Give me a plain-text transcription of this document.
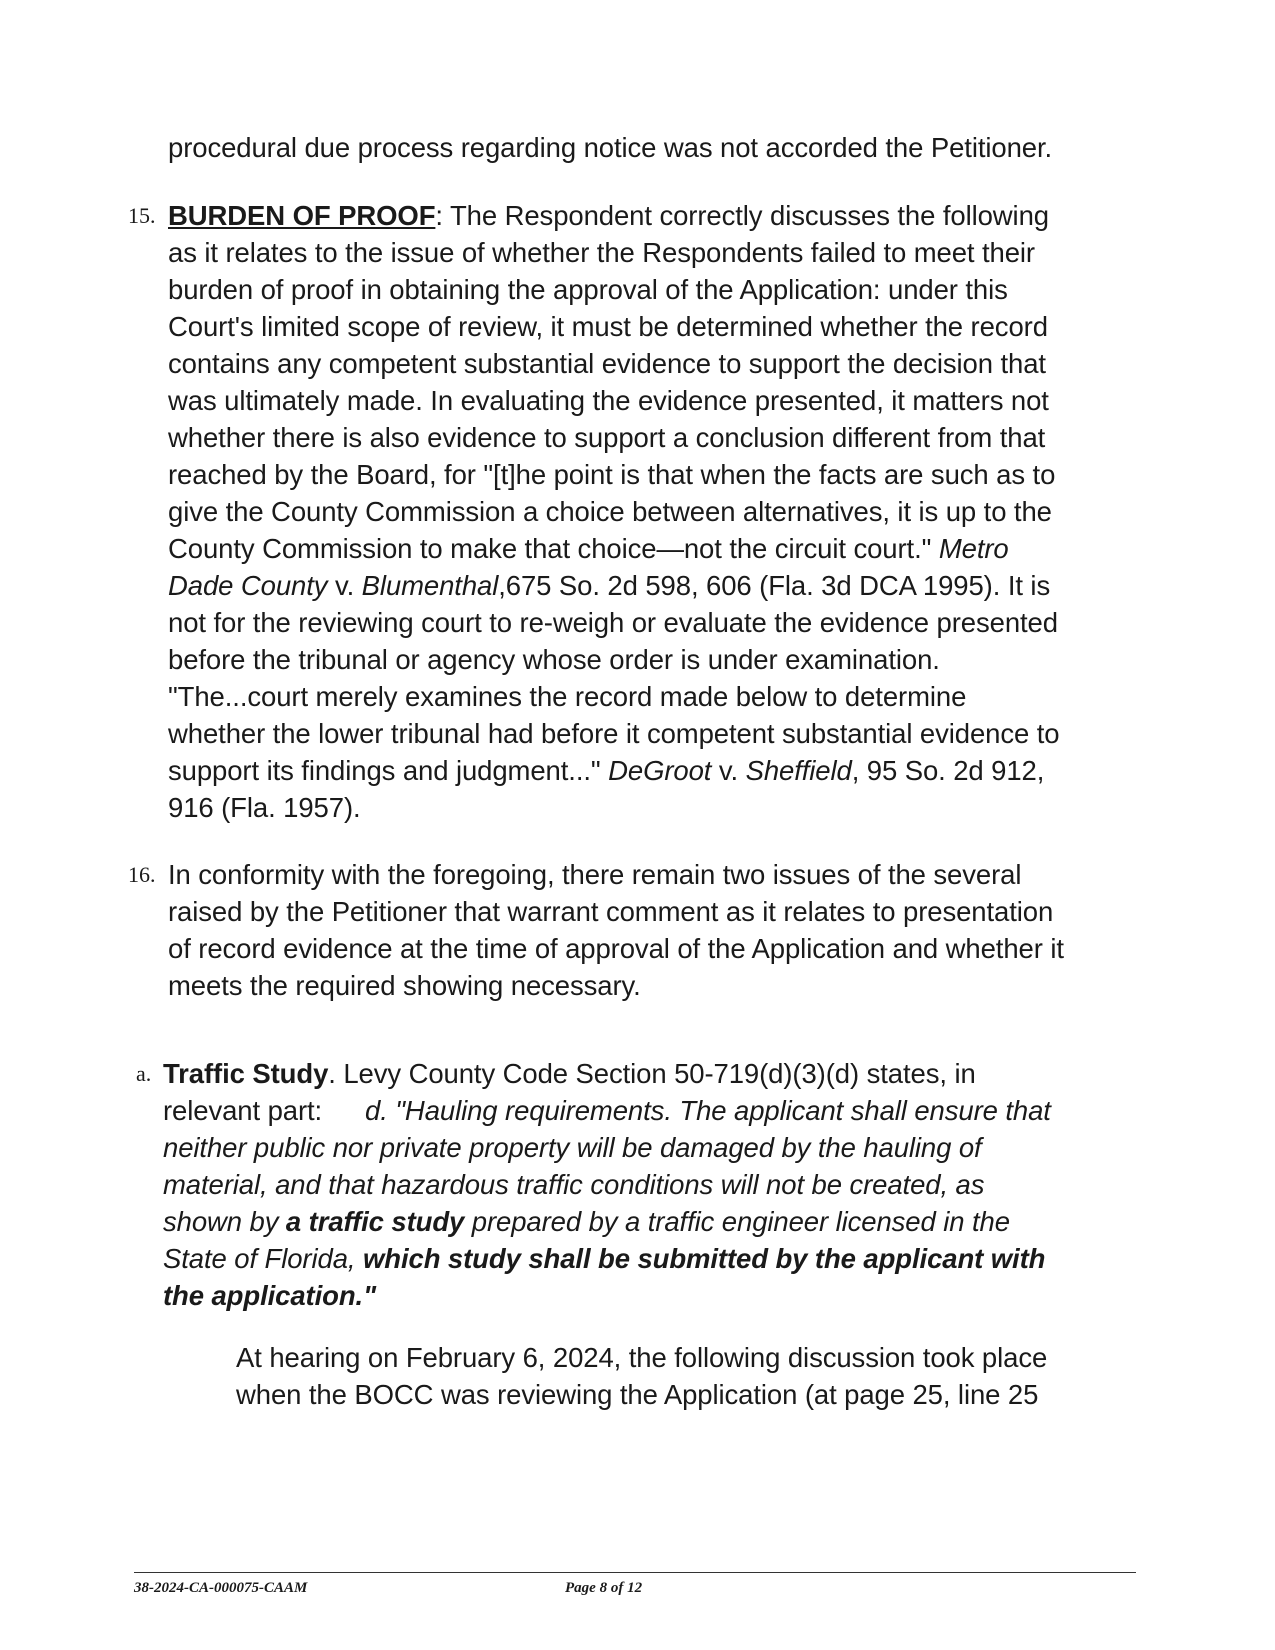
procedural due process regarding notice was not accorded the Petitioner.
15. BURDEN OF PROOF: The Respondent correctly discusses the following
as it relates to the issue of whether the Respondents failed to meet their
burden of proof in obtaining the approval of the Application: under this
Court's limited scope of review, it must be determined whether the record
contains any competent substantial evidence to support the decision that
was ultimately made. In evaluating the evidence presented, it matters not
whether there is also evidence to support a conclusion different from that
reached by the Board, for "[t]he point is that when the facts are such as to
give the County Commission a choice between alternatives, it is up to the
County Commission to make that choice—not the circuit court." Metro
Dade County v. Blumenthal,675 So. 2d 598, 606 (Fla. 3d DCA 1995). It is
not for the reviewing court to re-weigh or evaluate the evidence presented
before the tribunal or agency whose order is under examination.
"The...court merely examines the record made below to determine
whether the lower tribunal had before it competent substantial evidence to
support its findings and judgment..." DeGroot v. Sheffield, 95 So. 2d 912,
916 (Fla. 1957).
16. In conformity with the foregoing, there remain two issues of the several
raised by the Petitioner that warrant comment as it relates to presentation
of record evidence at the time of approval of the Application and whether it
meets the required showing necessary.
a. Traffic Study. Levy County Code Section 50-719(d)(3)(d) states, in
relevant part: d. "Hauling requirements. The applicant shall ensure that
neither public nor private property will be damaged by the hauling of
material, and that hazardous traffic conditions will not be created, as
shown by a traffic study prepared by a traffic engineer licensed in the
State of Florida, which study shall be submitted by the applicant with
the application."
At hearing on February 6, 2024, the following discussion took place
when the BOCC was reviewing the Application (at page 25, line 25
38-2024-CA-000075-CAAM	Page 8 of 12
